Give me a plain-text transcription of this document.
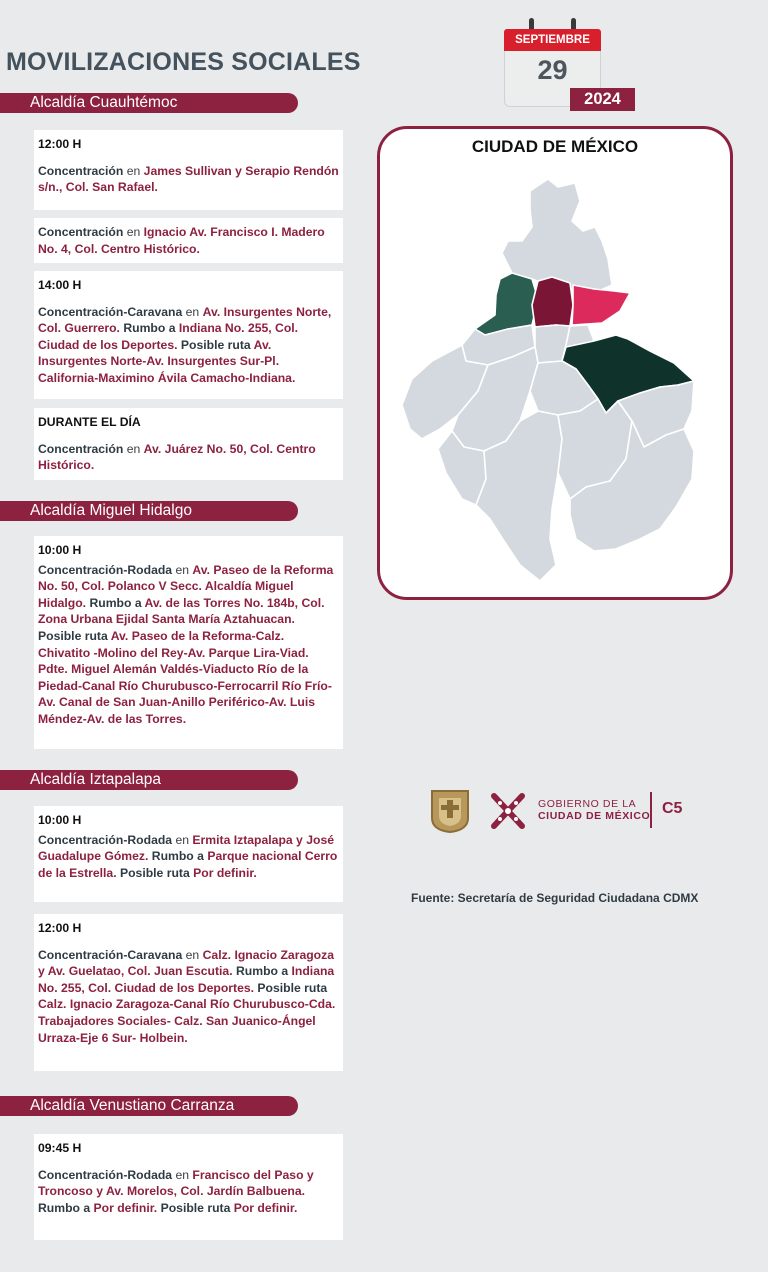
MOVILIZACIONES SOCIALES
Alcaldía Cuauhtémoc
Alcaldía Miguel Hidalgo
Alcaldía Iztapalapa
Alcaldía Venustiano Carranza
12:00 H

Concentración en James Sullivan y Serapio Rendón s/n., Col. San Rafael.

Concentración en Ignacio Av. Francisco I. Madero No. 4, Col. Centro Histórico.

14:00 H

Concentración-Caravana en Av. Insurgentes Norte, Col. Guerrero. Rumbo a Indiana No. 255, Col. Ciudad de los Deportes. Posible ruta Av. Insurgentes Norte-Av. Insurgentes Sur-Pl. California-Maximino Ávila Camacho-Indiana.

DURANTE EL DÍA

Concentración en Av. Juárez No. 50, Col. Centro Histórico.

10:00 H

Concentración-Rodada en Av. Paseo de la Reforma No. 50, Col. Polanco V Secc. Alcaldía Miguel Hidalgo. Rumbo a Av. de las Torres No. 184b, Col. Zona Urbana Ejidal Santa María Aztahuacan. Posible ruta Av. Paseo de la Reforma-Calz. Chivatito -Molino del Rey-Av. Parque Lira-Viad. Pdte. Miguel Alemán Valdés-Viaducto Río de la Piedad-Canal Río Churubusco-Ferrocarril Río Frío-Av. Canal de San Juan-Anillo Periférico-Av. Luis Méndez-Av. de las Torres.

10:00 H

Concentración-Rodada en Ermita Iztapalapa y José Guadalupe Gómez. Rumbo a Parque nacional Cerro de la Estrella. Posible ruta Por definir.

12:00 H

Concentración-Caravana en Calz. Ignacio Zaragoza y Av. Guelatao, Col. Juan Escutia. Rumbo a Indiana No. 255, Col. Ciudad de los Deportes. Posible ruta Calz. Ignacio Zaragoza-Canal Río Churubusco-Cda. Trabajadores Sociales- Calz. San Juanico-Ángel Urraza-Eje 6 Sur- Holbein.

09:45 H

Concentración-Rodada en Francisco del Paso y Troncoso y Av. Morelos, Col. Jardín Balbuena. Rumbo a Por definir. Posible ruta Por definir.

SEPTIEMBRE
29
2024
CIUDAD DE MÉXICO
GOBIERNO DE LA
CIUDAD DE MÉXICO C5
Fuente: Secretaría de Seguridad Ciudadana CDMX
